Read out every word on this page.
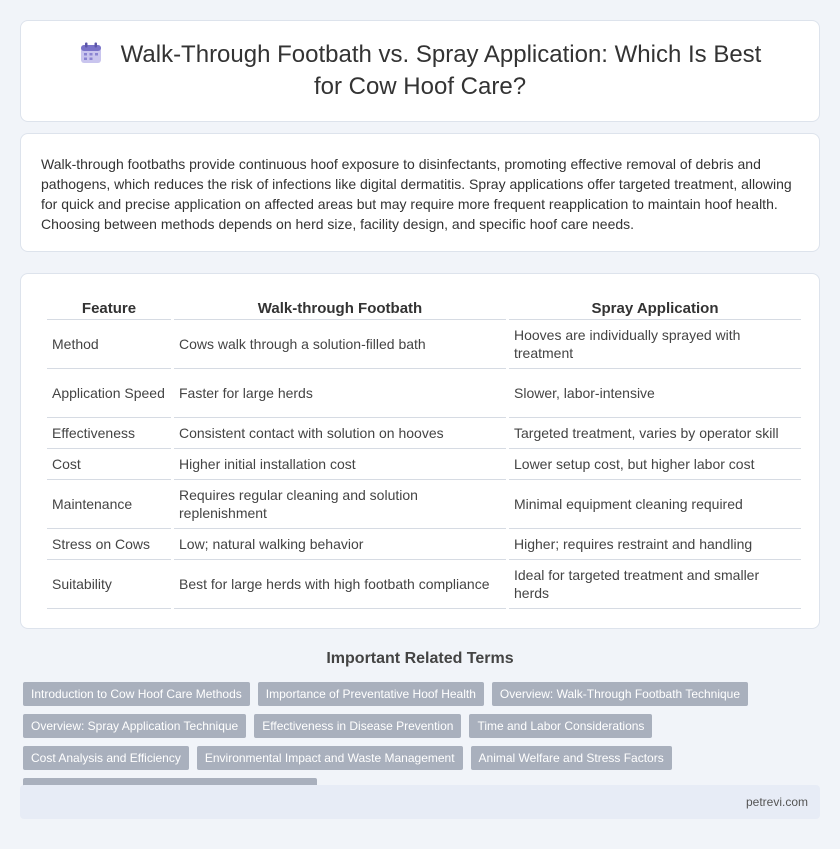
Walk-Through Footbath vs. Spray Application: Which Is Best for Cow Hoof Care?

Walk-through footbaths provide continuous hoof exposure to disinfectants, promoting effective removal of debris and pathogens, which reduces the risk of infections like digital dermatitis. Spray applications offer targeted treatment, allowing for quick and precise application on affected areas but may require more frequent reapplication to maintain hoof health. Choosing between methods depends on herd size, facility design, and specific hoof care needs.

Feature	Walk-through Footbath	Spray Application
Method	Cows walk through a solution-filled bath	Hooves are individually sprayed with treatment
Application Speed	Faster for large herds	Slower, labor-intensive
Effectiveness	Consistent contact with solution on hooves	Targeted treatment, varies by operator skill
Cost	Higher initial installation cost	Lower setup cost, but higher labor cost
Maintenance	Requires regular cleaning and solution replenishment	Minimal equipment cleaning required
Stress on Cows	Low; natural walking behavior	Higher; requires restraint and handling
Suitability	Best for large herds with high footbath compliance	Ideal for targeted treatment and smaller herds
Important Related Terms
Introduction to Cow Hoof Care Methods	Importance of Preventative Hoof Health	Overview: Walk-Through Footbath Technique
Overview: Spray Application Technique	Effectiveness in Disease Prevention	Time and Labor Considerations
Cost Analysis and Efficiency	Environmental Impact and Waste Management	Animal Welfare and Stress Factors
petrevi.com
